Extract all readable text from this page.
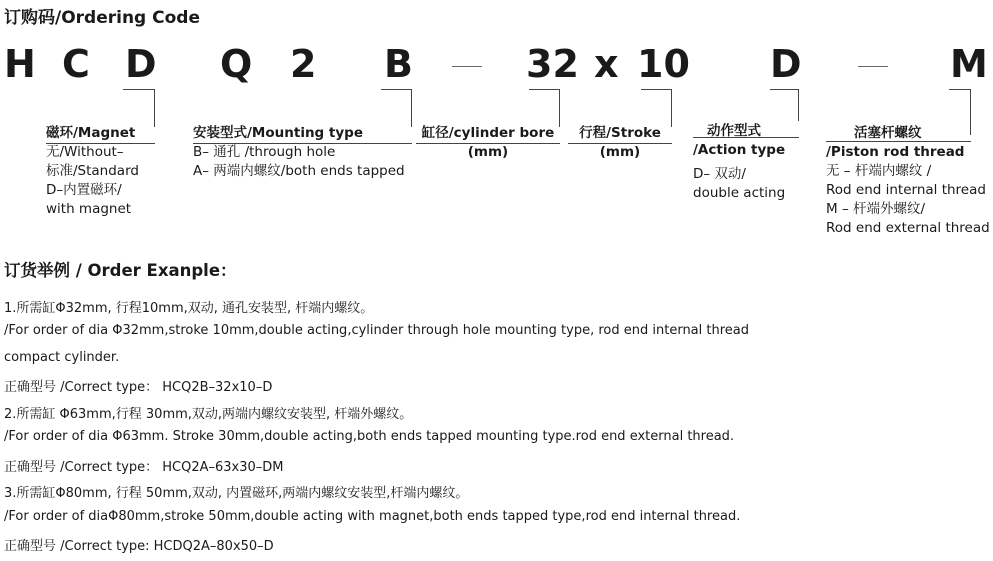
订购码/Ordering Code
H C D Q 2 B	32 x 10 D	M
磁环/Magnet
无/Without–
标准/Standard
D–内置磁环/
with magnet
安装型式/Mounting type
B– 通孔 /through hole
A– 两端内螺纹/both ends tapped
缸径/cylinder bore
(mm)
行程/Stroke
(mm)
动作型式
/Action type
D– 双动/
double acting
活塞杆螺纹
/Piston rod thread
无 – 杆端内螺纹 /
Rod end internal thread
M – 杆端外螺纹/
Rod end external thread
订货举例 / Order Exanple：
1.所需缸Φ32mm, 行程10mm,双动, 通孔安装型, 杆端内螺纹。
/For order of dia Φ32mm,stroke 10mm,double acting,cylinder through hole mounting type, rod end internal thread
compact cylinder.
正确型号 /Correct type： HCQ2B–32x10–D
2.所需缸 Φ63mm,行程 30mm,双动,两端内螺纹安装型, 杆端外螺纹。
/For order of dia Φ63mm. Stroke 30mm,double acting,both ends tapped mounting type.rod end external thread.
正确型号 /Correct type： HCQ2A–63x30–DM
3.所需缸Φ80mm, 行程 50mm,双动, 内置磁环,两端内螺纹安装型,杆端内螺纹。
/For order of diaΦ80mm,stroke 50mm,double acting with magnet,both ends tapped type,rod end internal thread.
正确型号 /Correct type: HCDQ2A–80x50–D
